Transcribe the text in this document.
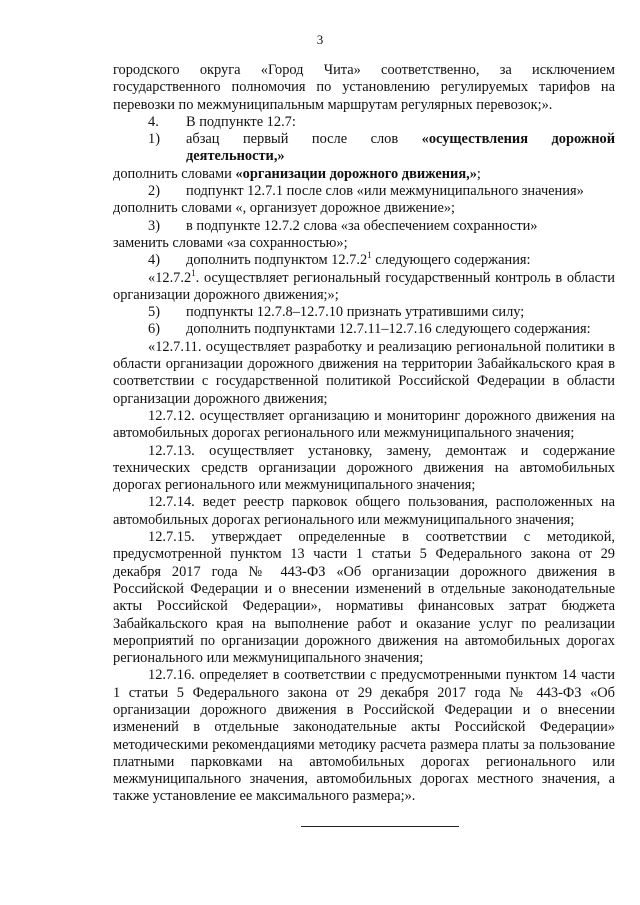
3

городского округа «Город Чита» соответственно, за исключением государственного полномочия по установлению регулируемых тарифов на перевозки по межмуниципальным маршрутам регулярных перевозок;».

4.	В подпункте 12.7:
1)	абзац первый после слов «осуществления дорожной деятельности,»

дополнить словами «организации дорожного движения,»;

2)	подпункт 12.7.1 после слов «или межмуниципального значения»

дополнить словами «, организует дорожное движение»;

3)	в подпункте 12.7.2 слова «за обеспечением сохранности»

заменить словами «за сохранностью»;

4)	дополнить подпунктом 12.7.2$^1$ следующего содержания:

«12.7.2$^1$. осуществляет региональный государственный контроль в области организации дорожного движения;»;

5)	подпункты 12.7.8–12.7.10 признать утратившими силу;
6)	дополнить подпунктами 12.7.11–12.7.16 следующего содержания:

«12.7.11. осуществляет разработку и реализацию региональной политики в области организации дорожного движения на территории Забайкальского края в соответствии с государственной политикой Российской Федерации в области организации дорожного движения;

12.7.12. осуществляет организацию и мониторинг дорожного движения на автомобильных дорогах регионального или межмуниципального значения;

12.7.13. осуществляет установку, замену, демонтаж и содержание технических средств организации дорожного движения на автомобильных дорогах регионального или межмуниципального значения;

12.7.14. ведет реестр парковок общего пользования, расположенных на автомобильных дорогах регионального или межмуниципального значения;

12.7.15. утверждает определенные в соответствии с методикой, предусмотренной пунктом 13 части 1 статьи 5 Федерального закона от 29 декабря 2017 года № 443-ФЗ «Об организации дорожного движения в Российской Федерации и о внесении изменений в отдельные законодательные акты Российской Федерации», нормативы финансовых затрат бюджета Забайкальского края на выполнение работ и оказание услуг по реализации мероприятий по организации дорожного движения на автомобильных дорогах регионального или межмуниципального значения;

12.7.16. определяет в соответствии с предусмотренными пунктом 14 части 1 статьи 5 Федерального закона от 29 декабря 2017 года № 443-ФЗ «Об организации дорожного движения в Российской Федерации и о внесении изменений в отдельные законодательные акты Российской Федерации» методическими рекомендациями методику расчета размера платы за пользование платными парковками на автомобильных дорогах регионального или межмуниципального значения, автомобильных дорогах местного значения, а также установление ее максимального размера;».
